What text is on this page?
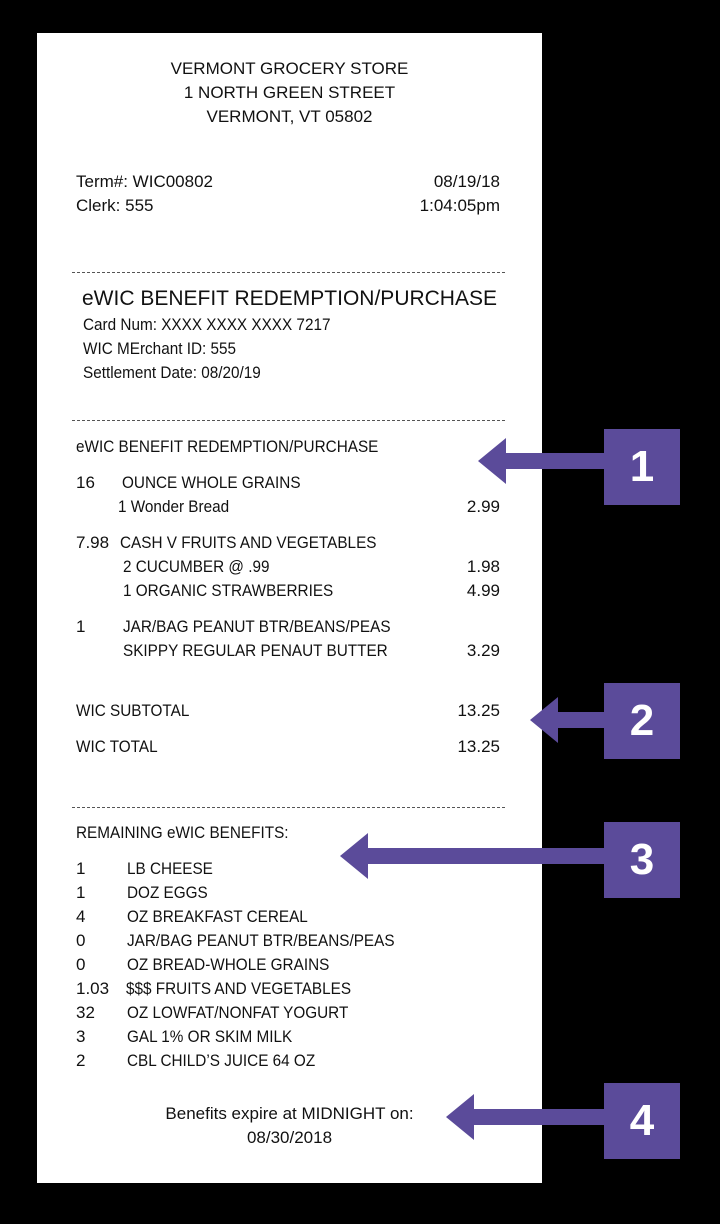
VERMONT GROCERY STORE
1 NORTH GREEN STREET
VERMONT, VT 05802
Term#: WIC00802	08/19/18
Clerk: 555	1:04:05pm
eWIC BENEFIT REDEMPTION/PURCHASE
Card Num: XXXX XXXX XXXX 7217
WIC MErchant ID: 555
Settlement Date: 08/20/19
eWIC BENEFIT REDEMPTION/PURCHASE
16 OUNCE WHOLE GRAINS
1 Wonder Bread	2.99
7.98 CASH V FRUITS AND VEGETABLES
2 CUCUMBER @ .99	1.98
1 ORGANIC STRAWBERRIES	4.99
1 JAR/BAG PEANUT BTR/BEANS/PEAS
SKIPPY REGULAR PENAUT BUTTER	3.29
WIC SUBTOTAL	13.25
WIC TOTAL	13.25
REMAINING eWIC BENEFITS:
1 LB CHEESE
1 DOZ EGGS
4 OZ BREAKFAST CEREAL
0 JAR/BAG PEANUT BTR/BEANS/PEAS
0 OZ BREAD-WHOLE GRAINS
1.03 $$$ FRUITS AND VEGETABLES
32 OZ LOWFAT/NONFAT YOGURT
3 GAL 1% OR SKIM MILK
2 CBL CHILD’S JUICE 64 OZ
Benefits expire at MIDNIGHT on:
08/30/2018
1
2
3
4
